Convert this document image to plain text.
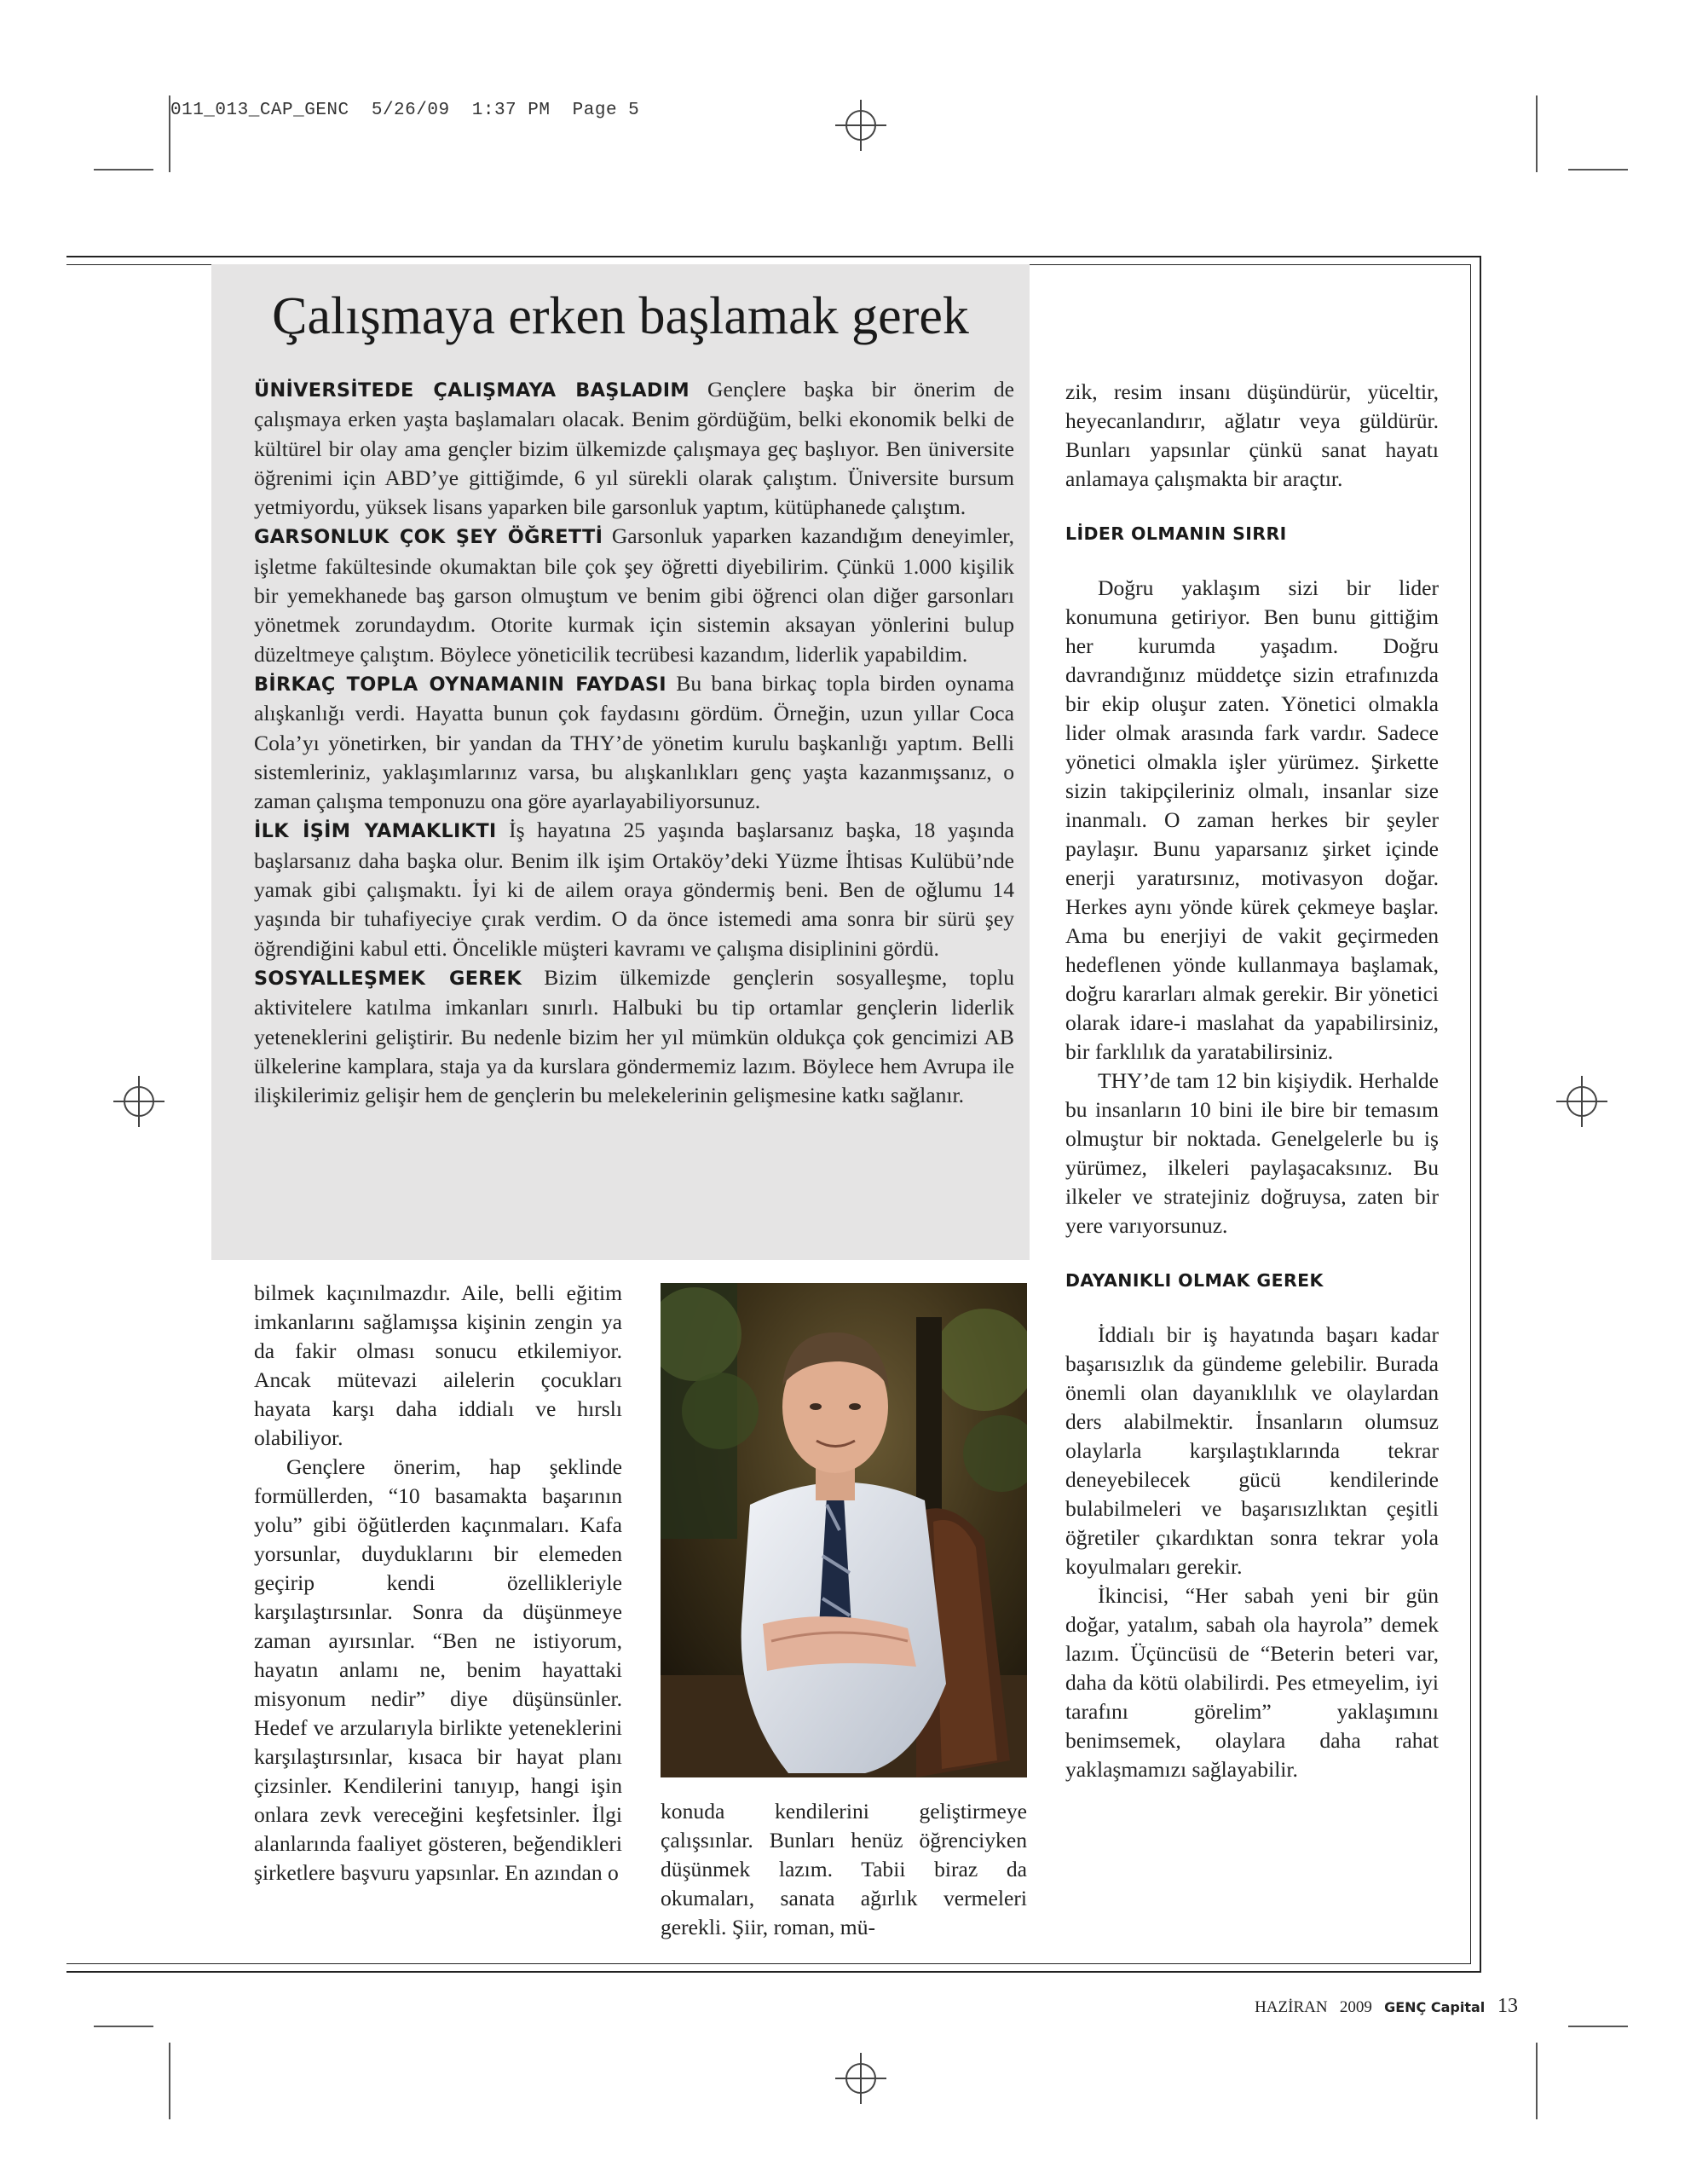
011_013_CAP_GENC  5/26/09  1:37 PM  Page 5
Çalışmaya erken başlamak gerek

ÜNİVERSİTEDE ÇALIŞMAYA BAŞLADIM Gençlere başka bir önerim de çalışmaya erken yaşta başlamaları olacak. Benim gördüğüm, belki ekonomik belki de kültürel bir olay ama gençler bizim ülkemizde çalışmaya geç başlıyor. Ben üniversite öğrenimi için ABD’ye gittiğimde, 6 yıl sürekli olarak çalıştım. Üniversite bursum yetmiyordu, yüksek lisans yaparken bile garsonluk yaptım, kütüphanede çalıştım.

GARSONLUK ÇOK ŞEY ÖĞRETTİ Garsonluk yaparken kazandığım deneyimler, işletme fakültesinde okumaktan bile çok şey öğretti diyebilirim. Çünkü 1.000 kişilik bir yemekhanede baş garson olmuştum ve benim gibi öğrenci olan diğer garsonları yönetmek zorundaydım. Otorite kurmak için sistemin aksayan yönlerini bulup düzeltmeye çalıştım. Böylece yöneticilik tecrübesi kazandım, liderlik yapabildim.

BİRKAÇ TOPLA OYNAMANIN FAYDASI Bu bana birkaç topla birden oynama alışkanlığı verdi. Hayatta bunun çok faydasını gördüm. Örneğin, uzun yıllar Coca Cola’yı yönetirken, bir yandan da THY’de yönetim kurulu başkanlığı yaptım. Belli sistemleriniz, yaklaşımlarınız varsa, bu alışkanlıkları genç yaşta kazanmışsanız, o zaman çalışma temponuzu ona göre ayarlayabiliyorsunuz.

İLK İŞİM YAMAKLIKTI İş hayatına 25 yaşında başlarsanız başka, 18 yaşında başlarsanız daha başka olur. Benim ilk işim Ortaköy’deki Yüzme İhtisas Kulübü’nde yamak gibi çalışmaktı. İyi ki de ailem oraya göndermiş beni. Ben de oğlumu 14 yaşında bir tuhafiyeciye çırak verdim. O da önce istemedi ama sonra bir sürü şey öğrendiğini kabul etti. Öncelikle müşteri kavramı ve çalışma disiplinini gördü.

SOSYALLEŞMEK GEREK Bizim ülkemizde gençlerin sosyalleşme, toplu aktivitelere katılma imkanları sınırlı. Halbuki bu tip ortamlar gençlerin liderlik yeteneklerini geliştirir. Bu nedenle bizim her yıl mümkün oldukça çok gencimizi AB ülkelerine kamplara, staja ya da kurslara göndermemiz lazım. Böylece hem Avrupa ile ilişkilerimiz gelişir hem de gençlerin bu melekelerinin gelişmesine katkı sağlanır.

bilmek kaçınılmazdır. Aile, belli eğitim imkanlarını sağlamışsa kişinin zengin ya da fakir olması sonucu etkilemiyor. Ancak mütevazi ailelerin çocukları hayata karşı daha iddialı ve hırslı olabiliyor.

Gençlere önerim, hap şeklinde formüllerden, “10 basamakta başarının yolu” gibi öğütlerden kaçınmaları. Kafa yorsunlar, duyduklarını bir elemeden geçirip kendi özellikleriyle karşılaştırsınlar. Sonra da düşünmeye zaman ayırsınlar. “Ben ne istiyorum, hayatın anlamı ne, benim hayattaki misyonum nedir” diye düşünsünler. Hedef ve arzularıyla birlikte yeteneklerini karşılaştırsınlar, kısaca bir hayat planı çizsinler. Kendilerini tanıyıp, hangi işin onlara zevk vereceğini keşfetsinler. İlgi alanlarında faaliyet gösteren, beğendikleri şirketlere başvuru yapsınlar. En azından o

konuda kendilerini geliştirmeye çalışsınlar. Bunları henüz öğrenciyken düşünmek lazım. Tabii biraz da okumaları, sanata ağırlık vermeleri gerekli. Şiir, roman, mü-

zik, resim insanı düşündürür, yüceltir, heyecanlandırır, ağlatır veya güldürür. Bunları yapsınlar çünkü sanat hayatı anlamaya çalışmakta bir araçtır.

LİDER OLMANIN SIRRI

Doğru yaklaşım sizi bir lider konumuna getiriyor. Ben bunu gittiğim her kurumda yaşadım. Doğru davrandığınız müddetçe sizin etrafınızda bir ekip oluşur zaten. Yönetici olmakla lider olmak arasında fark vardır. Sadece yönetici olmakla işler yürümez. Şirkette sizin takipçileriniz olmalı, insanlar size inanmalı. O zaman herkes bir şeyler paylaşır. Bunu yaparsanız şirket içinde enerji yaratırsınız, motivasyon doğar. Herkes aynı yönde kürek çekmeye başlar. Ama bu enerjiyi de vakit geçirmeden hedeflenen yönde kullanmaya başlamak, doğru kararları almak gerekir. Bir yönetici olarak idare-i maslahat da yapabilirsiniz, bir farklılık da yaratabilirsiniz.

THY’de tam 12 bin kişiydik. Herhalde bu insanların 10 bini ile bire bir temasım olmuştur bir noktada. Genelgelerle bu iş yürümez, ilkeleri paylaşacaksınız. Bu ilkeler ve stratejiniz doğruysa, zaten bir yere varıyorsunuz.

DAYANIKLI OLMAK GEREK

İddialı bir iş hayatında başarı kadar başarısızlık da gündeme gelebilir. Burada önemli olan dayanıklılık ve olaylardan ders alabilmektir. İnsanların olumsuz olaylarla karşılaştıklarında tekrar deneyebilecek gücü kendilerinde bulabilmeleri ve başarısızlıktan çeşitli öğretiler çıkardıktan sonra tekrar yola koyulmaları gerekir.

İkincisi, “Her sabah yeni bir gün doğar, yatalım, sabah ola hayrola” demek lazım. Üçüncüsü de “Beterin beteri var, daha da kötü olabilirdi. Pes etmeyelim, iyi tarafını görelim” yaklaşımını benimsemek, olaylara daha rahat yaklaşmamızı sağlayabilir.

HAZİRAN 2009 GENÇ Capital 13
